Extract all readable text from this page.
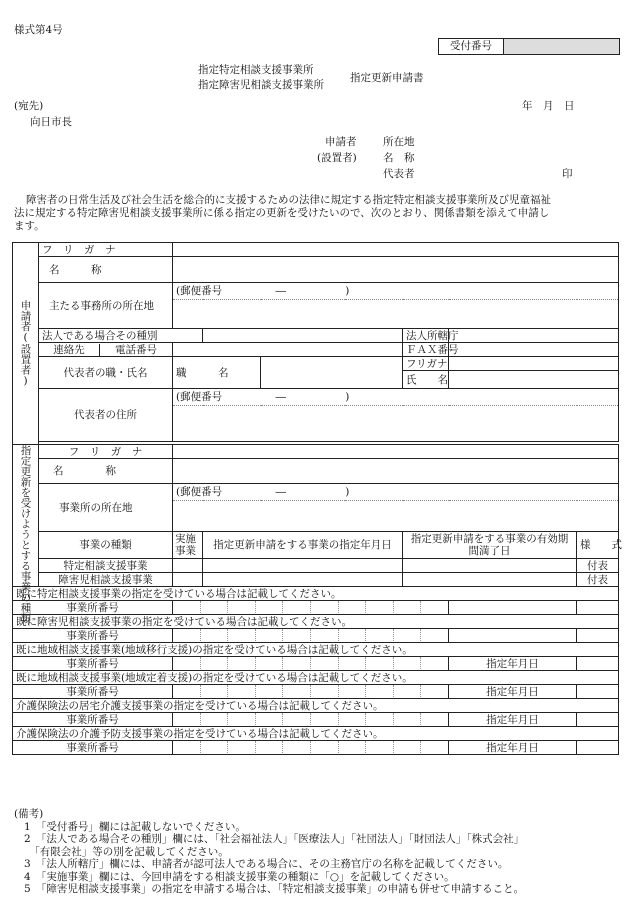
様式第4号
受付番号
指定特定相談支援事業所
指定障害児相談支援事業所
指定更新申請書
(宛先)	年　月　日
向日市長
申請者	所在地
(設置者)	名　称
代表者	印
障害者の日常生活及び社会生活を総合的に支援するための法律に規定する指定特定相談支援事業所及び児童福祉
法に規定する特定障害児相談支援事業所に係る指定の更新を受けたいので、次のとおり、関係書類を添えて申請し
ます。
申請者(設置者)	フ　リ　ガ　ナ						
	名　　　称						
	主たる事務所の所在地	(郵便番号 ― )					

	法人である場合その種別				法人所轄庁		

	連絡先 電話番号				ＦＡＸ番号		
	代表者の職・氏名	職　　　名			フリガナ		
					氏　　名		
	代表者の住所	(郵便番号 ― )					

指定更新を受けようとする事業の種類	フ　リ　ガ　ナ						
	名　　　　称						
	事業所の所在地	(郵便番号 ― )					

	事業の種類	実施事業	指定更新申請をする事業の指定年月日		指定更新申請をする事業の有効期間満了日		様　　式
	特定相談支援事業						付表
	障害児相談支援事業						付表
既に特定相談支援事業の指定を受けている場合は記載してください。							
事業所番号					

既に障害児相談支援事業の指定を受けている場合は記載してください。							
事業所番号					

既に地域相談支援事業(地域移行支援)の指定を受けている場合は記載してください。							
事業所番号						指定年月日	
既に地域相談支援事業(地域定着支援)の指定を受けている場合は記載してください。							
事業所番号						指定年月日	
介護保険法の居宅介護支援事業の指定を受けている場合は記載してください。							
事業所番号						指定年月日	
介護保険法の介護予防支援事業の指定を受けている場合は記載してください。							
事業所番号						指定年月日	
(備考)
1　「受付番号」欄には記載しないでください。
2　「法人である場合その種別」欄には、「社会福祉法人」「医療法人」「社団法人」「財団法人」「株式会社」
　「有限会社」等の別を記載してください。
3　「法人所轄庁」欄には、申請者が認可法人である場合に、その主務官庁の名称を記載してください。
4　「実施事業」欄には、今回申請をする相談支援事業の種類に「○」を記載してください。
5　「障害児相談支援事業」の指定を申請する場合は、「特定相談支援事業」の申請も併せて申請すること。
